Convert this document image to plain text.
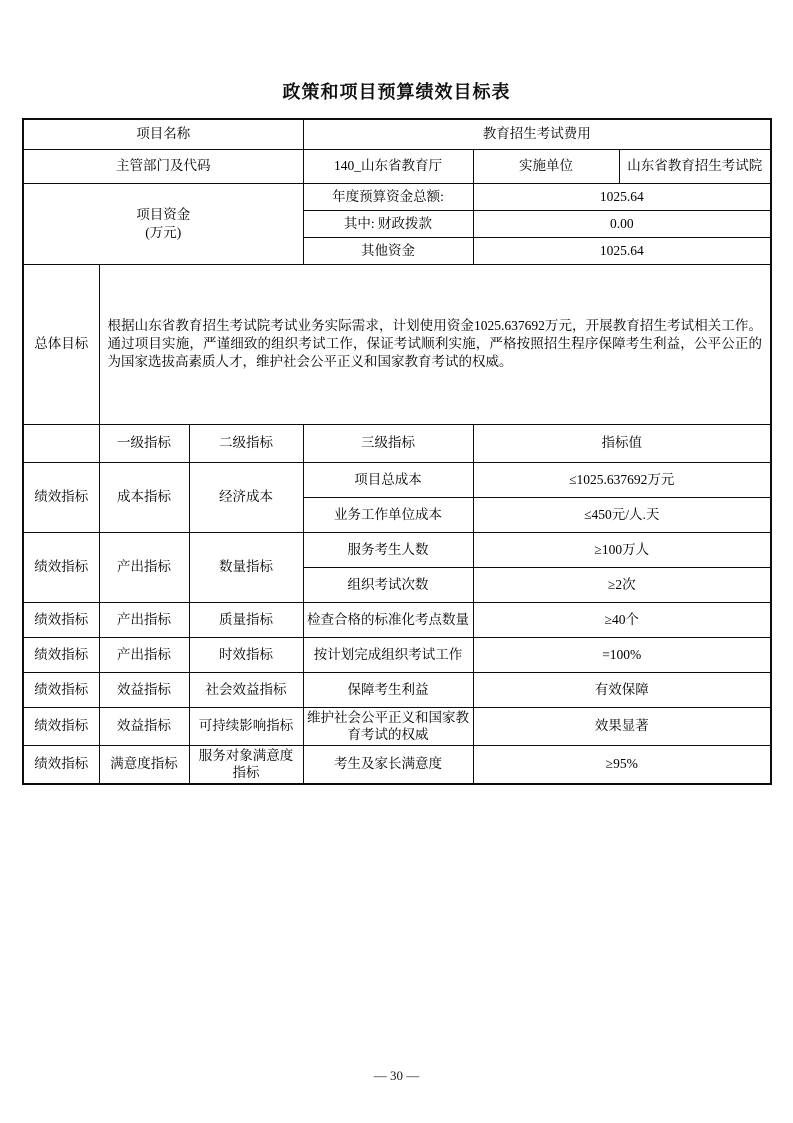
政策和项目预算绩效目标表
项目名称			教育招生考试费用		
主管部门及代码			140_山东省教育厅	实施单位	山东省教育招生考试院

项目资金
(万元)			年度预算资金总额:	1025.64	
			其中: 财政拨款	0.00	
			其他资金	1025.64	
总体目标	根据山东省教育招生考试院考试业务实际需求，计划使用资金1025.637692万元，开展教育招生考试相关工作。通过项目实施，严谨细致的组织考试工作，保证考试顺利实施，严格按照招生程序保障考生利益，公平公正的为国家选拔高素质人才，维护社会公平正义和国家教育考试的权威。				

	一级指标	二级指标	三级指标	指标值	
绩效指标	成本指标	经济成本	项目总成本	≤1025.637692万元	
			业务工作单位成本	≤450元/人.天	
绩效指标	产出指标	数量指标	服务考生人数	≥100万人	
			组织考试次数	≥2次	
绩效指标	产出指标	质量指标	检查合格的标准化考点数量	≥40个	
绩效指标	产出指标	时效指标	按计划完成组织考试工作	=100%	
绩效指标	效益指标	社会效益指标	保障考生利益	有效保障	
绩效指标	效益指标	可持续影响指标	维护社会公平正义和国家教育考试的权威	效果显著	
绩效指标	满意度指标	服务对象满意度指标	考生及家长满意度	≥95%	
— 30 —
